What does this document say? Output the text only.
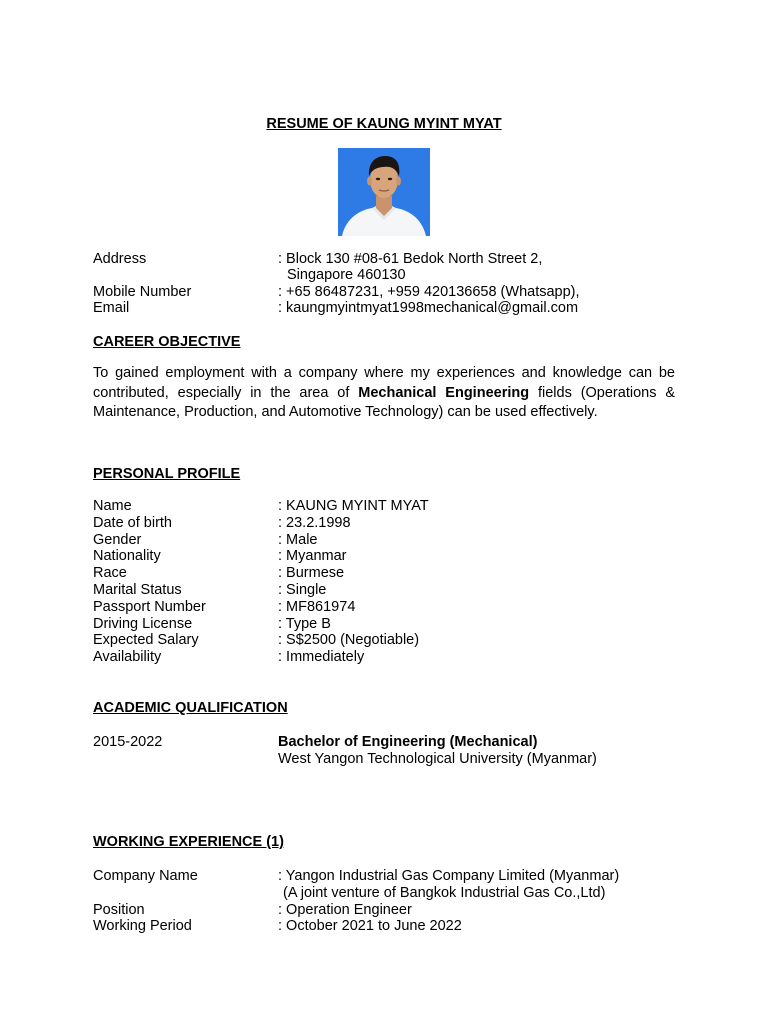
RESUME OF KAUNG MYINT MYAT
Address	: Block 130 #08-61 Bedok North Street 2,
Singapore 460130
Mobile Number	: +65 86487231, +959 420136658 (Whatsapp),
Email	: kaungmyintmyat1998mechanical@gmail.com
CAREER OBJECTIVE
To gained employment with a company where my experiences and knowledge can be contributed, especially in the area of Mechanical Engineering fields (Operations & Maintenance, Production, and Automotive Technology) can be used effectively.
PERSONAL PROFILE
Name	: KAUNG MYINT MYAT
Date of birth	: 23.2.1998
Gender	: Male
Nationality	: Myanmar
Race	: Burmese
Marital Status	: Single
Passport Number	: MF861974
Driving License	: Type B
Expected Salary	: S$2500 (Negotiable)
Availability	: Immediately
ACADEMIC QUALIFICATION
2015-2022	Bachelor of Engineering (Mechanical)
West Yangon Technological University (Myanmar)
WORKING EXPERIENCE (1)
Company Name	: Yangon Industrial Gas Company Limited (Myanmar)
(A joint venture of Bangkok Industrial Gas Co.,Ltd)
Position	: Operation Engineer
Working Period	: October 2021 to June 2022
